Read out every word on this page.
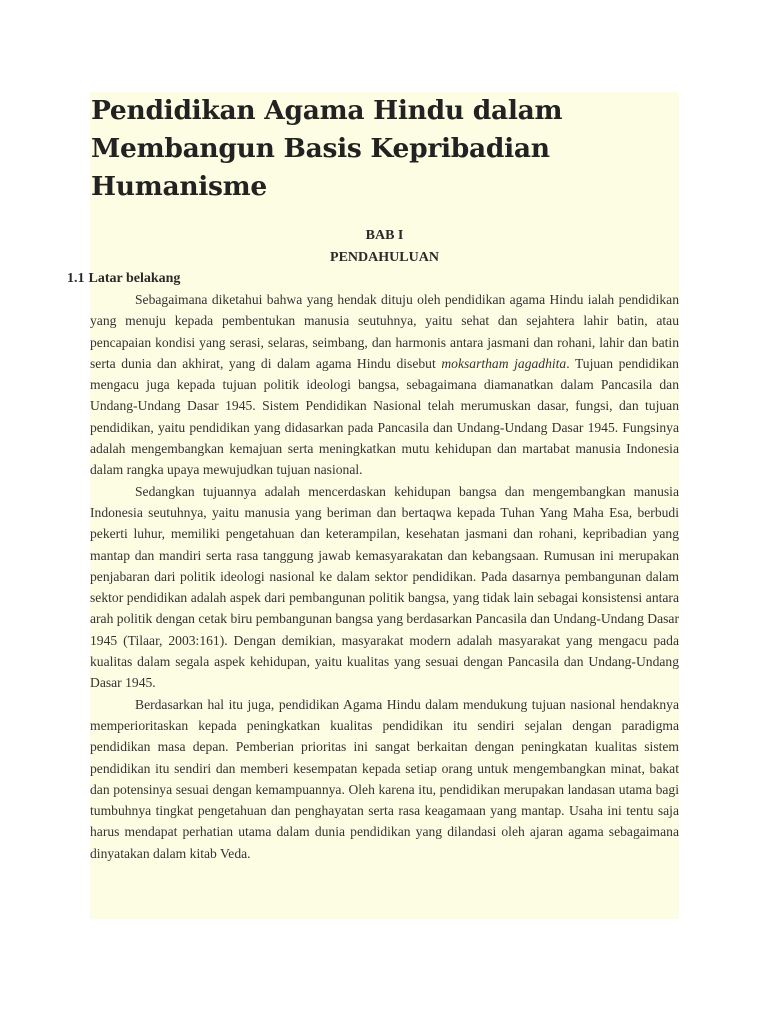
Pendidikan Agama Hindu dalam Membangun Basis Kepribadian Humanisme

BAB I

PENDAHULUAN

1.1 Latar belakang

Sebagaimana diketahui bahwa yang hendak dituju oleh pendidikan agama Hindu ialah pendidikan yang menuju kepada pembentukan manusia seutuhnya, yaitu sehat dan sejahtera lahir batin, atau pencapaian kondisi yang serasi, selaras, seimbang, dan harmonis antara jasmani dan rohani, lahir dan batin serta dunia dan akhirat, yang di dalam agama Hindu disebut moksartham jagadhita. Tujuan pendidikan mengacu juga kepada tujuan politik ideologi bangsa, sebagaimana diamanatkan dalam Pancasila dan Undang-Undang Dasar 1945. Sistem Pendidikan Nasional telah merumuskan dasar, fungsi, dan tujuan pendidikan, yaitu pendidikan yang didasarkan pada Pancasila dan Undang-Undang Dasar 1945. Fungsinya adalah mengembangkan kemajuan serta meningkatkan mutu kehidupan dan martabat manusia Indonesia dalam rangka upaya mewujudkan tujuan nasional.

Sedangkan tujuannya adalah mencerdaskan kehidupan bangsa dan mengembangkan manusia Indonesia seutuhnya, yaitu manusia yang beriman dan bertaqwa kepada Tuhan Yang Maha Esa, berbudi pekerti luhur, memiliki pengetahuan dan keterampilan, kesehatan jasmani dan rohani, kepribadian yang mantap dan mandiri serta rasa tanggung jawab kemasyarakatan dan kebangsaan. Rumusan ini merupakan penjabaran dari politik ideologi nasional ke dalam sektor pendidikan. Pada dasarnya pembangunan dalam sektor pendidikan adalah aspek dari pembangunan politik bangsa, yang tidak lain sebagai konsistensi antara arah politik dengan cetak biru pembangunan bangsa yang berdasarkan Pancasila dan Undang-Undang Dasar 1945 (Tilaar, 2003:161). Dengan demikian, masyarakat modern adalah masyarakat yang mengacu pada kualitas dalam segala aspek kehidupan, yaitu kualitas yang sesuai dengan Pancasila dan Undang-Undang Dasar 1945.

Berdasarkan hal itu juga, pendidikan Agama Hindu dalam mendukung tujuan nasional hendaknya memperioritaskan kepada peningkatkan kualitas pendidikan itu sendiri sejalan dengan paradigma pendidikan masa depan. Pemberian prioritas ini sangat berkaitan dengan peningkatan kualitas sistem pendidikan itu sendiri dan memberi kesempatan kepada setiap orang untuk mengembangkan minat, bakat dan potensinya sesuai dengan kemampuannya. Oleh karena itu, pendidikan merupakan landasan utama bagi tumbuhnya tingkat pengetahuan dan penghayatan serta rasa keagamaan yang mantap. Usaha ini tentu saja harus mendapat perhatian utama dalam dunia pendidikan yang dilandasi oleh ajaran agama sebagaimana dinyatakan dalam kitab Veda.
